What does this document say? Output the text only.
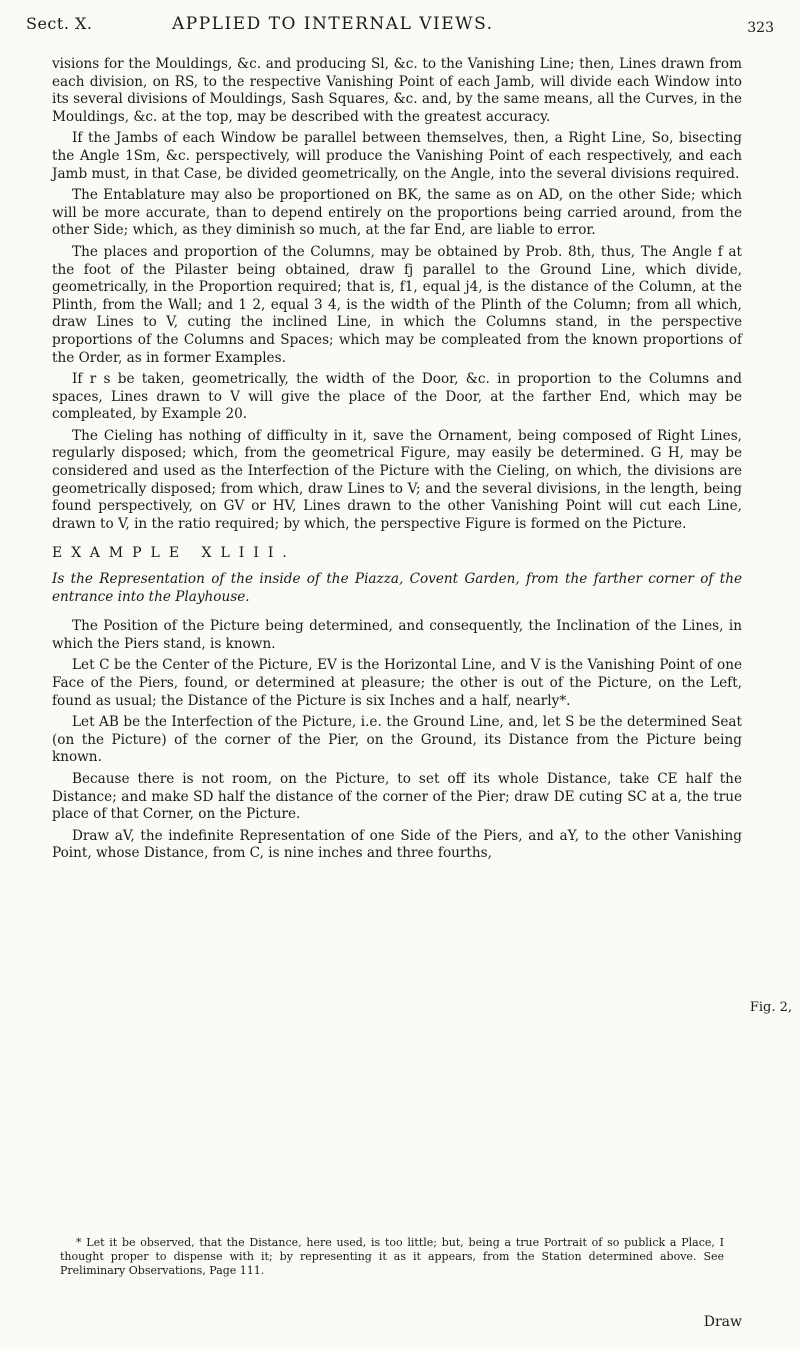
Sect. X.	APPLIED TO INTERNAL VIEWS.	323

visions for the Mouldings, &c. and producing Sl, &c. to the Vanishing Line; then, Lines drawn from each division, on RS, to the respective Vanishing Point of each Jamb, will divide each Window into its several divisions of Mouldings, Sash Squares, &c. and, by the same means, all the Curves, in the Mouldings, &c. at the top, may be described with the greatest accuracy.

If the Jambs of each Window be parallel between themselves, then, a Right Line, So, bisecting the Angle 1Sm, &c. perspectively, will produce the Vanishing Point of each respectively, and each Jamb must, in that Case, be divided geometrically, on the Angle, into the several divisions required.

The Entablature may also be proportioned on BK, the same as on AD, on the other Side; which will be more accurate, than to depend entirely on the proportions being carried around, from the other Side; which, as they diminish so much, at the far End, are liable to error.

The places and proportion of the Columns, may be obtained by Prob. 8th, thus, The Angle f at the foot of the Pilaster being obtained, draw fj parallel to the Ground Line, which divide, geometrically, in the Proportion required; that is, f1, equal j4, is the distance of the Column, at the Plinth, from the Wall; and 1 2, equal 3 4, is the width of the Plinth of the Column; from all which, draw Lines to V, cuting the inclined Line, in which the Columns stand, in the perspective proportions of the Columns and Spaces; which may be compleated from the known proportions of the Order, as in former Examples.

If r s be taken, geometrically, the width of the Door, &c. in proportion to the Columns and spaces, Lines drawn to V will give the place of the Door, at the farther End, which may be compleated, by Example 20.

The Cieling has nothing of difficulty in it, save the Ornament, being composed of Right Lines, regularly disposed; which, from the geometrical Figure, may easily be determined. G H, may be considered and used as the Interfection of the Picture with the Cieling, on which, the divisions are geometrically disposed; from which, draw Lines to V; and the several divisions, in the length, being found perspectively, on GV or HV, Lines drawn to the other Vanishing Point will cut each Line, drawn to V, in the ratio required; by which, the perspective Figure is formed on the Picture.

EXAMPLE XLIII.

Is the Representation of the inside of the Piazza, Covent Garden, from the farther corner of the entrance into the Playhouse.

The Position of the Picture being determined, and consequently, the Inclination of the Lines, in which the Piers stand, is known.

Let C be the Center of the Picture, EV is the Horizontal Line, and V is the Vanishing Point of one Face of the Piers, found, or determined at pleasure; the other is out of the Picture, on the Left, found as usual; the Distance of the Picture is six Inches and a half, nearly*.

Let AB be the Interfection of the Picture, i.e. the Ground Line, and, let S be the determined Seat (on the Picture) of the corner of the Pier, on the Ground, its Distance from the Picture being known.

Because there is not room, on the Picture, to set off its whole Distance, take CE half the Distance; and make SD half the distance of the corner of the Pier; draw DE cuting SC at a, the true place of that Corner, on the Picture.

Draw aV, the indefinite Representation of one Side of the Piers, and aY, to the other Vanishing Point, whose Distance, from C, is nine inches and three fourths,

Fig. 2,
* Let it be observed, that the Distance, here used, is too little; but, being a true Portrait of so publick a Place, I thought proper to dispense with it; by representing it as it appears, from the Station determined above. See Preliminary Observations, Page 111.
Draw
